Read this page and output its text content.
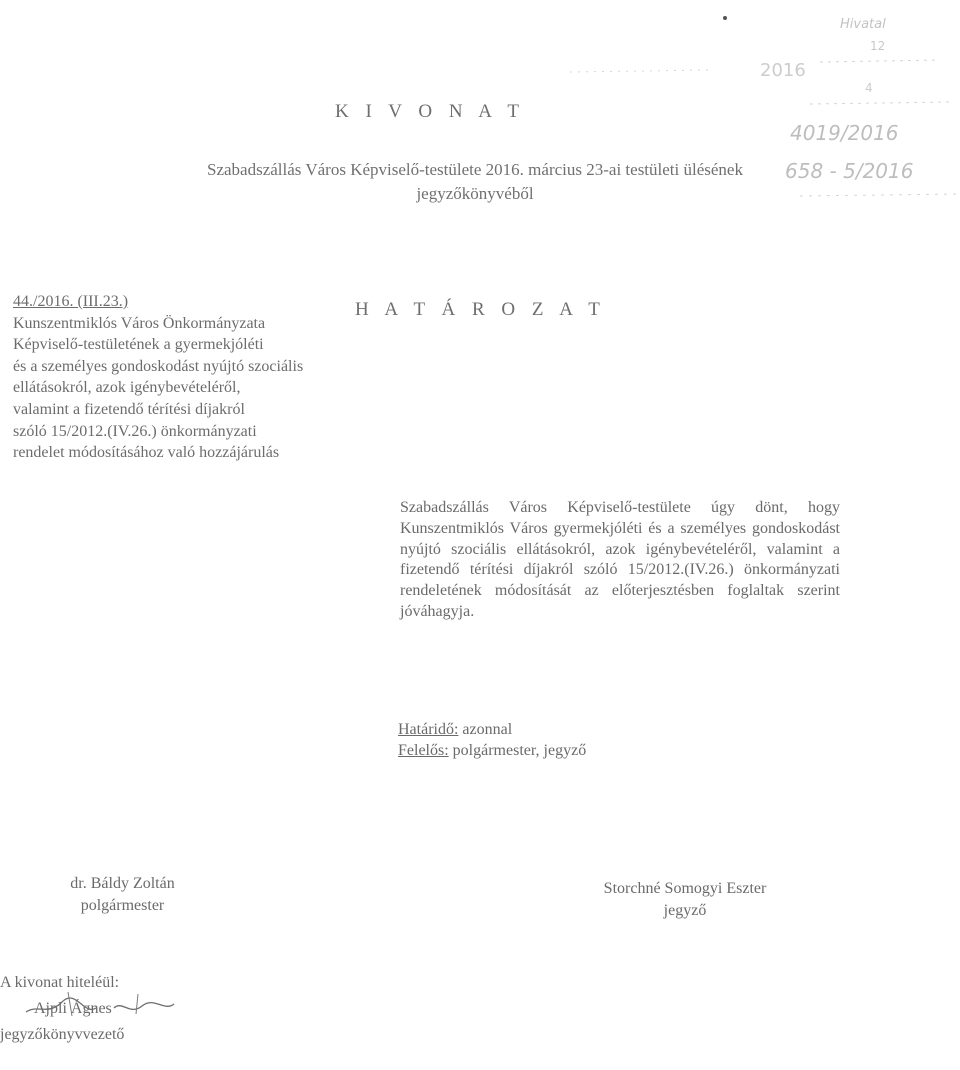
Hivatal
12
2016
4
4019/2016
658 - 5/2016
K I V O N A T
Szabadszállás Város Képviselő-testülete 2016. március 23-ai testületi ülésének
jegyzőkönyvéből
44./2016. (III.23.)
Kunszentmiklós Város Önkormányzata
Képviselő-testületének a gyermekjóléti
és a személyes gondoskodást nyújtó szociális
ellátásokról, azok igénybevételéről,
valamint a fizetendő térítési díjakról
szóló 15/2012.(IV.26.) önkormányzati
rendelet módosításához való hozzájárulás
H A T Á R O Z A T
Szabadszállás Város Képviselő-testülete úgy dönt, hogy Kunszentmiklós Város gyermekjóléti és a személyes gondoskodást nyújtó szociális ellátásokról, azok igénybevételéről, valamint a fizetendő térítési díjakról szóló 15/2012.(IV.26.) önkormányzati rendeletének módosítását az előterjesztésben foglaltak szerint jóváhagyja.
Határidő: azonnal
Felelős: polgármester, jegyző
dr. Báldy Zoltán
polgármester
Storchné Somogyi Eszter
jegyző
A kivonat hiteléül:
Ajpli Ágnes
jegyzőkönyvvezető
